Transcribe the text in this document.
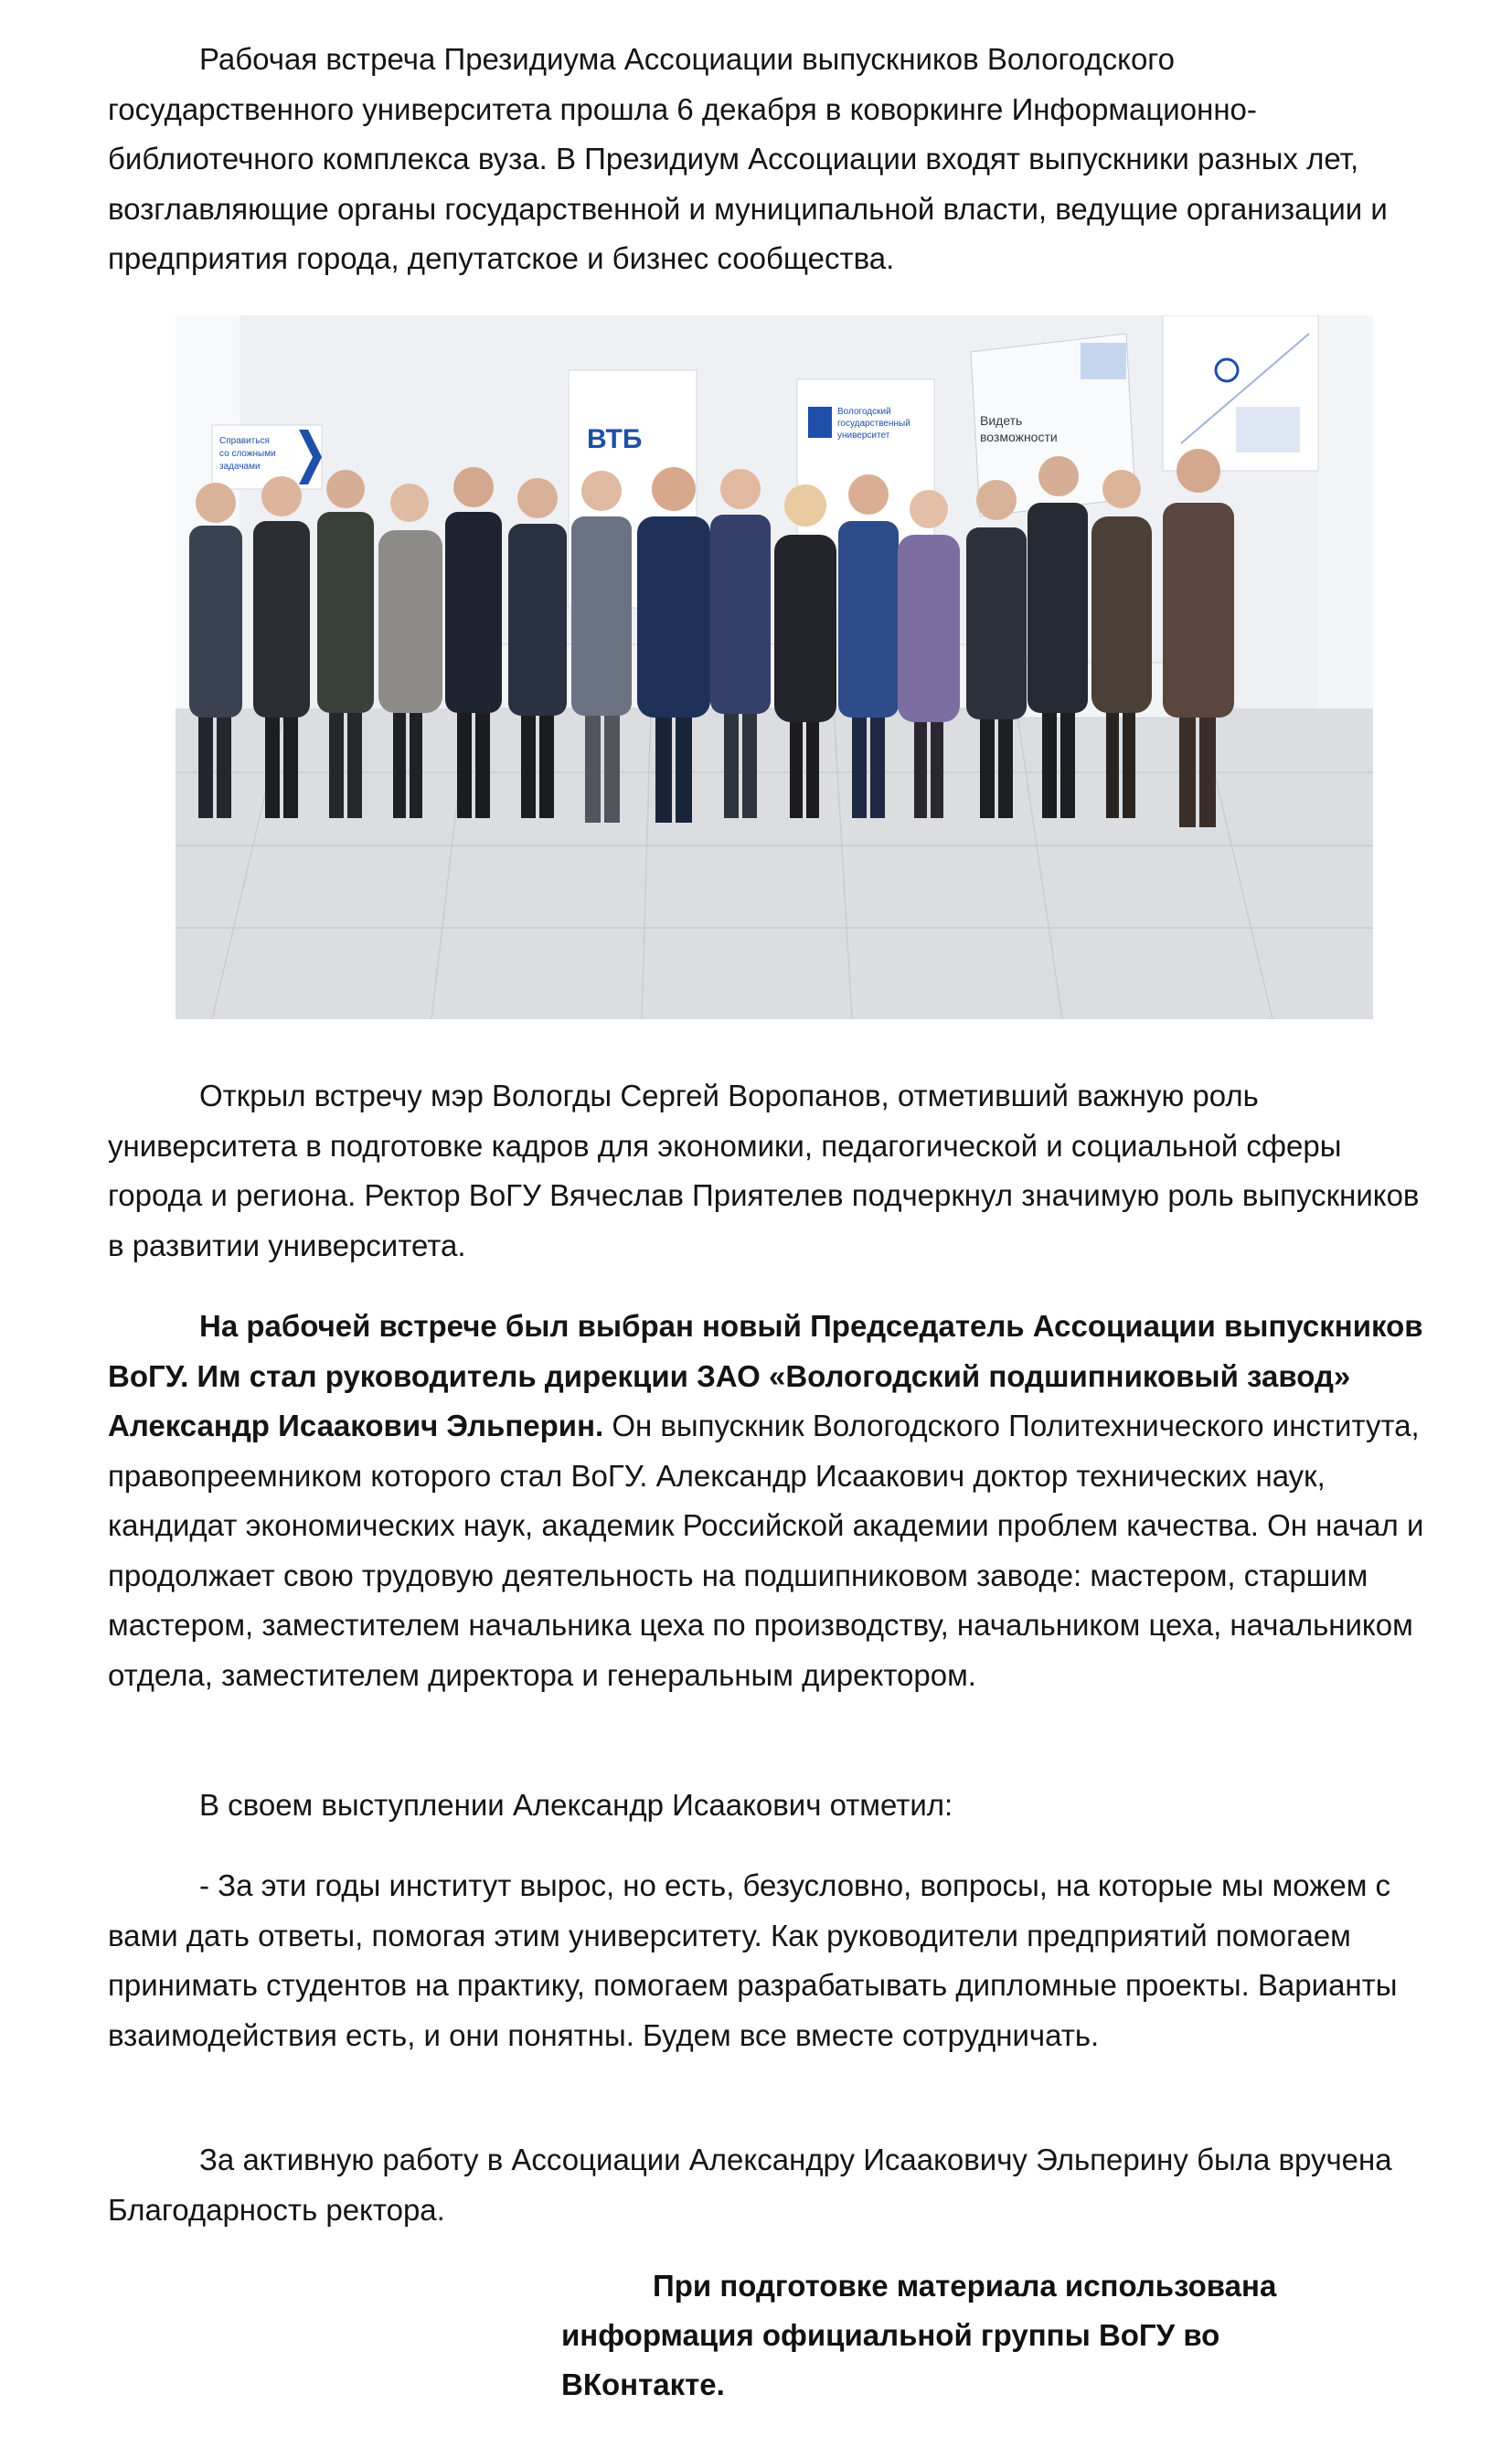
Рабочая встреча Президиума Ассоциации выпускников Вологодского государственного университета прошла 6 декабря в коворкинге Информационно-библиотечного комплекса вуза. В Президиум Ассоциации входят выпускники разных лет, возглавляющие органы государственной и муниципальной власти, ведущие организации и предприятия города, депутатское и бизнес сообщества.

Справиться
со сложными
задачами
ВТБ
Вологодский
государственный
университет
Видеть
возможности

Открыл встречу мэр Вологды Сергей Воропанов, отметивший важную роль университета в подготовке кадров для экономики, педагогической и социальной сферы города и региона. Ректор ВоГУ Вячеслав Приятелев подчеркнул значимую роль выпускников в развитии университета.

На рабочей встрече был выбран новый Председатель Ассоциации выпускников ВоГУ. Им стал руководитель дирекции ЗАО «Вологодский подшипниковый завод» Александр Исаакович Эльперин. Он выпускник Вологодского Политехнического института, правопреемником которого стал ВоГУ. Александр Исаакович доктор технических наук, кандидат экономических наук, академик Российской академии проблем качества. Он начал и продолжает свою трудовую деятельность на подшипниковом заводе: мастером, старшим мастером, заместителем начальника цеха по производству, начальником цеха, начальником отдела, заместителем директора и генеральным директором.

В своем выступлении Александр Исаакович отметил:

- За эти годы институт вырос, но есть, безусловно, вопросы, на которые мы можем с вами дать ответы, помогая этим университету. Как руководители предприятий помогаем принимать студентов на практику, помогаем разрабатывать дипломные проекты. Варианты взаимодействия есть, и они понятны. Будем все вместе сотрудничать.

За активную работу в Ассоциации Александру Исааковичу Эльперину была вручена Благодарность ректора.

При подготовке материала использована информация официальной группы ВоГУ во ВКонтакте.
